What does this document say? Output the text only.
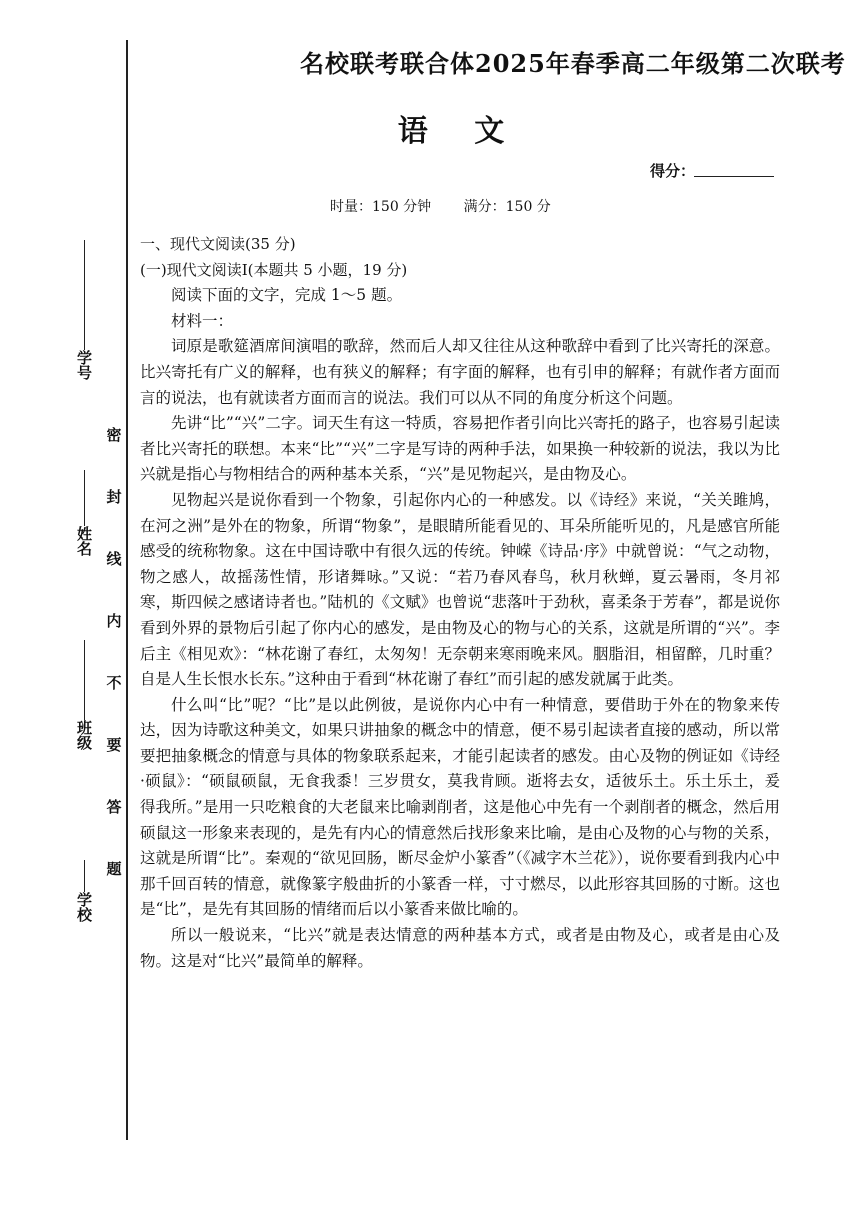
密
封
线
内
不
要
答
题
学号
姓名
班级
学校
名校联考联合体2025年春季高二年级第二次联考
语 文
得分：
时量：150 分钟 满分：150 分

一、现代文阅读(35 分)

(一)现代文阅读Ⅰ(本题共 5 小题，19 分)

阅读下面的文字，完成 1～5 题。

材料一：

词原是歌筵酒席间演唱的歌辞，然而后人却又往往从这种歌辞中看到了比兴寄托的深意。比兴寄托有广义的解释，也有狭义的解释；有字面的解释，也有引申的解释；有就作者方面而言的说法，也有就读者方面而言的说法。我们可以从不同的角度分析这个问题。

先讲“比”“兴”二字。词天生有这一特质，容易把作者引向比兴寄托的路子，也容易引起读者比兴寄托的联想。本来“比”“兴”二字是写诗的两种手法，如果换一种较新的说法，我以为比兴就是指心与物相结合的两种基本关系，“兴”是见物起兴，是由物及心。

见物起兴是说你看到一个物象，引起你内心的一种感发。以《诗经》来说，“关关雎鸠，在河之洲”是外在的物象，所谓“物象”，是眼睛所能看见的、耳朵所能听见的，凡是感官所能感受的统称物象。这在中国诗歌中有很久远的传统。钟嵘《诗品·序》中就曾说：“气之动物，物之感人，故摇荡性情，形诸舞咏。”又说：“若乃春风春鸟，秋月秋蝉，夏云暑雨，冬月祁寒，斯四候之感诸诗者也。”陆机的《文赋》也曾说“悲落叶于劲秋，喜柔条于芳春”，都是说你看到外界的景物后引起了你内心的感发，是由物及心的物与心的关系，这就是所谓的“兴”。李后主《相见欢》：“林花谢了春红，太匆匆！无奈朝来寒雨晚来风。胭脂泪，相留醉，几时重？自是人生长恨水长东。”这种由于看到“林花谢了春红”而引起的感发就属于此类。

什么叫“比”呢？“比”是以此例彼，是说你内心中有一种情意，要借助于外在的物象来传达，因为诗歌这种美文，如果只讲抽象的概念中的情意，便不易引起读者直接的感动，所以常要把抽象概念的情意与具体的物象联系起来，才能引起读者的感发。由心及物的例证如《诗经·硕鼠》：“硕鼠硕鼠，无食我黍！三岁贯女，莫我肯顾。逝将去女，适彼乐土。乐土乐土，爰得我所。”是用一只吃粮食的大老鼠来比喻剥削者，这是他心中先有一个剥削者的概念，然后用硕鼠这一形象来表现的，是先有内心的情意然后找形象来比喻，是由心及物的心与物的关系，这就是所谓“比”。秦观的“欲见回肠，断尽金炉小篆香”（《减字木兰花》），说你要看到我内心中那千回百转的情意，就像篆字般曲折的小篆香一样，寸寸燃尽，以此形容其回肠的寸断。这也是“比”，是先有其回肠的情绪而后以小篆香来做比喻的。

所以一般说来，“比兴”就是表达情意的两种基本方式，或者是由物及心，或者是由心及物。这是对“比兴”最简单的解释。
